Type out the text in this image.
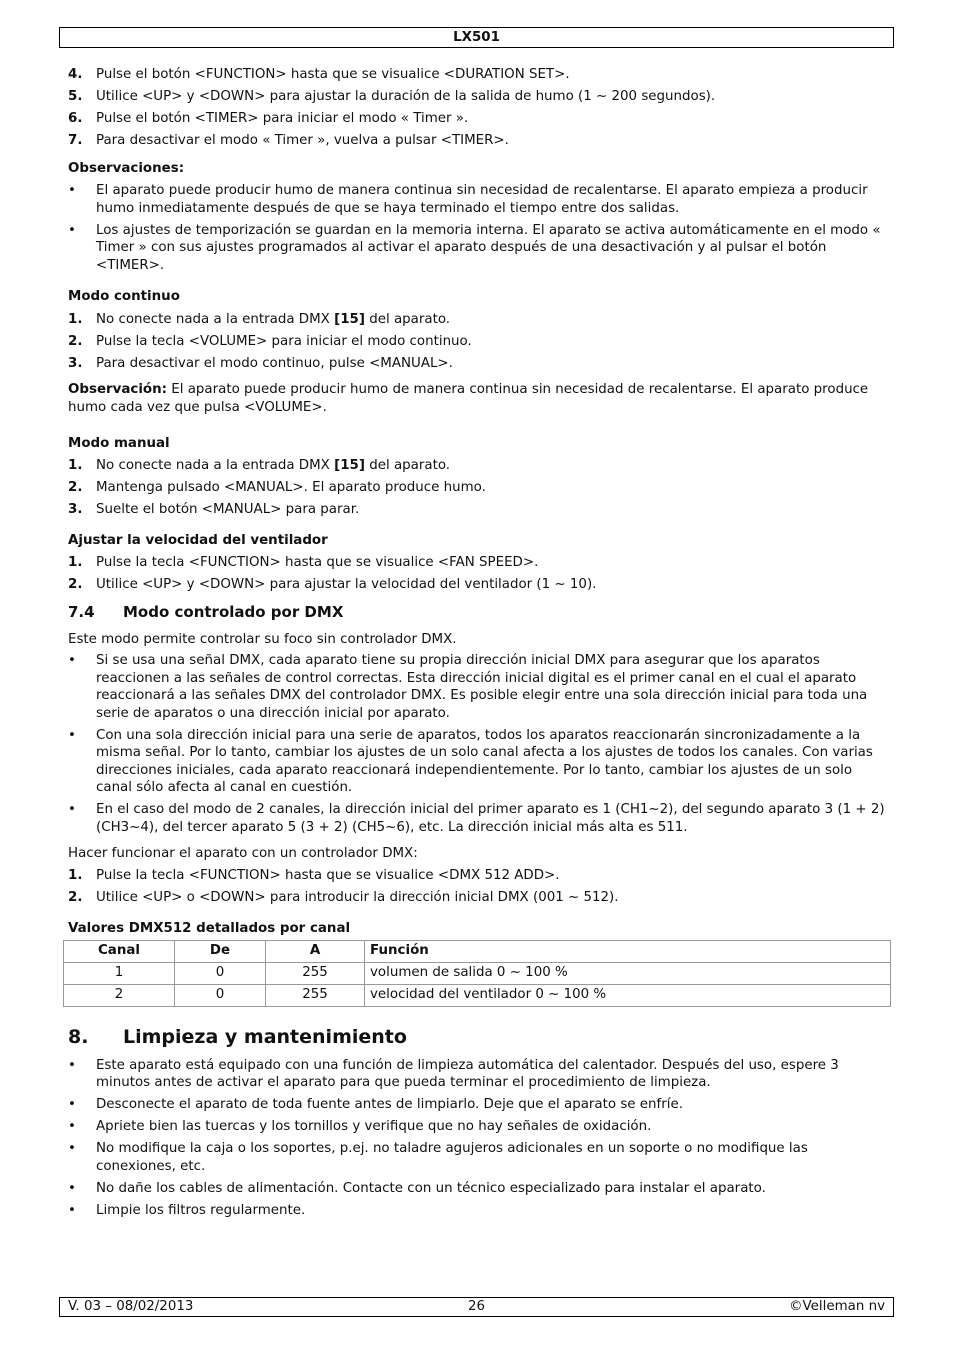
LX501
4. Pulse el botón <FUNCTION> hasta que se visualice <DURATION SET>.
5. Utilice <UP> y <DOWN> para ajustar la duración de la salida de humo (1 ~ 200 segundos).
6. Pulse el botón <TIMER> para iniciar el modo « Timer ».
7. Para desactivar el modo « Timer », vuelva a pulsar <TIMER>.
Observaciones:
• El aparato puede producir humo de manera continua sin necesidad de recalentarse. El aparato empieza a producir humo inmediatamente después de que se haya terminado el tiempo entre dos salidas.
• Los ajustes de temporización se guardan en la memoria interna. El aparato se activa automáticamente en el modo « Timer » con sus ajustes programados al activar el aparato después de una desactivación y al pulsar el botón <TIMER>.
Modo continuo
1. No conecte nada a la entrada DMX [15] del aparato.
2. Pulse la tecla <VOLUME> para iniciar el modo continuo.
3. Para desactivar el modo continuo, pulse <MANUAL>.

Observación: El aparato puede producir humo de manera continua sin necesidad de recalentarse. El aparato produce humo cada vez que pulsa <VOLUME>.

Modo manual
1. No conecte nada a la entrada DMX [15] del aparato.
2. Mantenga pulsado <MANUAL>. El aparato produce humo.
3. Suelte el botón <MANUAL> para parar.
Ajustar la velocidad del ventilador
1. Pulse la tecla <FUNCTION> hasta que se visualice <FAN SPEED>.
2. Utilice <UP> y <DOWN> para ajustar la velocidad del ventilador (1 ~ 10).
7.4	Modo controlado por DMX

Este modo permite controlar su foco sin controlador DMX.

• Si se usa una señal DMX, cada aparato tiene su propia dirección inicial DMX para asegurar que los aparatos reaccionen a las señales de control correctas. Esta dirección inicial digital es el primer canal en el cual el aparato reaccionará a las señales DMX del controlador DMX. Es posible elegir entre una sola dirección inicial para toda una serie de aparatos o una dirección inicial por aparato.
• Con una sola dirección inicial para una serie de aparatos, todos los aparatos reaccionarán sincronizadamente a la misma señal. Por lo tanto, cambiar los ajustes de un solo canal afecta a los ajustes de todos los canales. Con varias direcciones iniciales, cada aparato reaccionará independientemente. Por lo tanto, cambiar los ajustes de un solo canal sólo afecta al canal en cuestión.
• En el caso del modo de 2 canales, la dirección inicial del primer aparato es 1 (CH1~2), del segundo aparato 3 (1 + 2) (CH3~4), del tercer aparato 5 (3 + 2) (CH5~6), etc. La dirección inicial más alta es 511.

Hacer funcionar el aparato con un controlador DMX:

1. Pulse la tecla <FUNCTION> hasta que se visualice <DMX 512 ADD>.
2. Utilice <UP> o <DOWN> para introducir la dirección inicial DMX (001 ~ 512).
Valores DMX512 detallados por canal
Canal	De	A	Función
1	0	255	volumen de salida 0 ~ 100 %
2	0	255	velocidad del ventilador 0 ~ 100 %
8.	Limpieza y mantenimiento
• Este aparato está equipado con una función de limpieza automática del calentador. Después del uso, espere 3 minutos antes de activar el aparato para que pueda terminar el procedimiento de limpieza.
• Desconecte el aparato de toda fuente antes de limpiarlo. Deje que el aparato se enfríe.
• Apriete bien las tuercas y los tornillos y verifique que no hay señales de oxidación.
• No modifique la caja o los soportes, p.ej. no taladre agujeros adicionales en un soporte o no modifique las conexiones, etc.
• No dañe los cables de alimentación. Contacte con un técnico especializado para instalar el aparato.
• Limpie los filtros regularmente.
V. 03 – 08/02/2013	26	©Velleman nv
